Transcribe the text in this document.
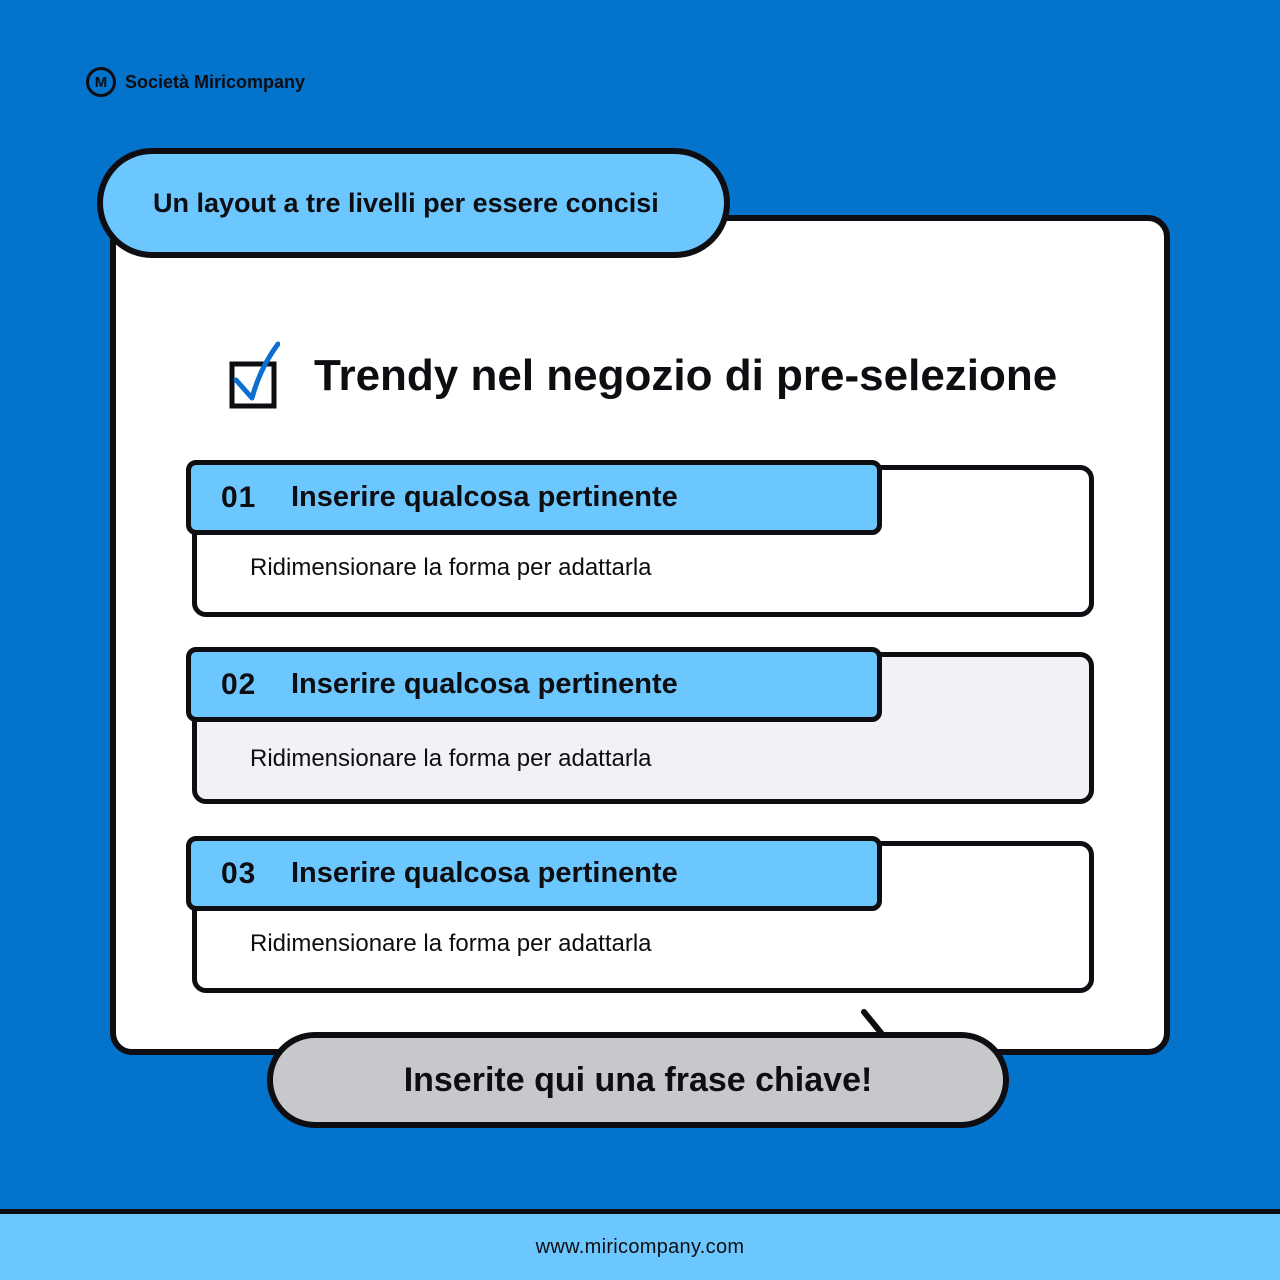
M Società Miricompany
Un layout a tre livelli per essere concisi
Trendy nel negozio di pre-selezione
01	Inserire qualcosa pertinente
Ridimensionare la forma per adattarla
02	Inserire qualcosa pertinente
Ridimensionare la forma per adattarla
03	Inserire qualcosa pertinente
Ridimensionare la forma per adattarla
Inserite qui una frase chiave!
www.miricompany.com
